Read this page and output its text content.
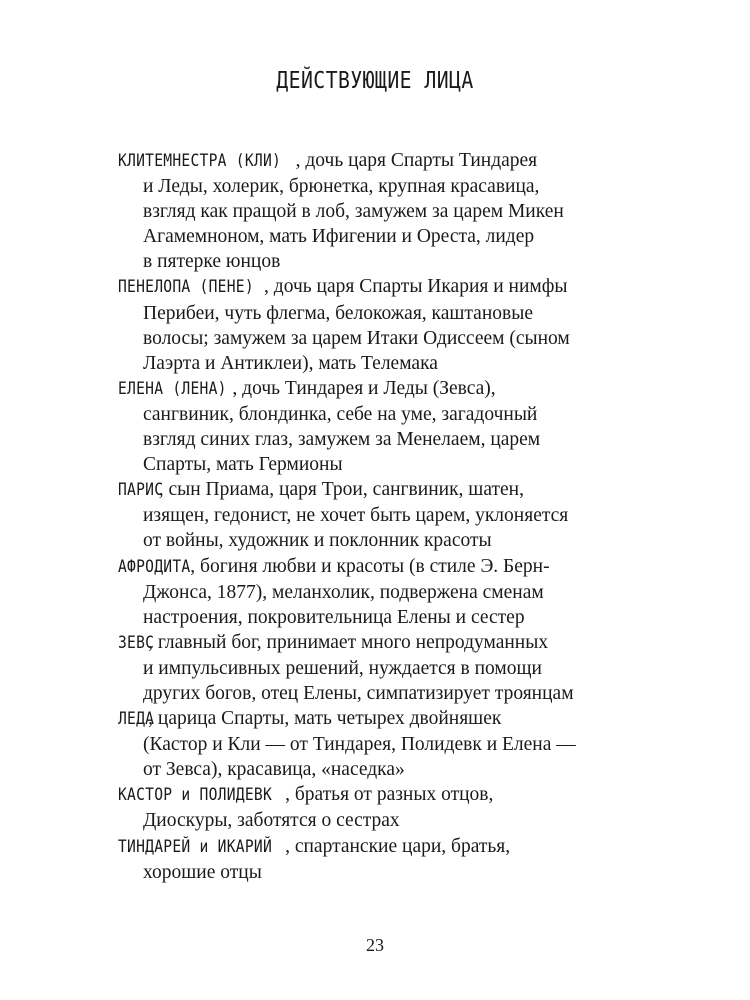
ДЕЙСТВУЮЩИЕ ЛИЦА
КЛИТЕМНЕСТРА (КЛИ) , дочь царя Спарты Тиндарея
и Леды, холерик, брюнетка, крупная красавица,
взгляд как пращой в лоб, замужем за царем Микен
Агамемноном, мать Ифигении и Ореста, лидер
в пятерке юнцов
ПЕНЕЛОПА (ПЕНЕ) , дочь царя Спарты Икария и нимфы
Перибеи, чуть флегма, белокожая, каштановые
волосы; замужем за царем Итаки Одиссеем (сыном
Лаэрта и Антиклеи), мать Телемака
ЕЛЕНА (ЛЕНА) , дочь Тиндарея и Леды (Зевса),
сангвиник, блондинка, себе на уме, загадочный
взгляд синих глаз, замужем за Менелаем, царем
Спарты, мать Гермионы
ПАРИС, сын Приама, царя Трои, сангвиник, шатен,
изящен, гедонист, не хочет быть царем, уклоняется
от войны, художник и поклонник красоты
АФРОДИТА, богиня любви и красоты (в стиле Э. Берн-
Джонса, 1877), меланхолик, подвержена сменам
настроения, покровительница Елены и сестер
ЗЕВС, главный бог, принимает много непродуманных
и импульсивных решений, нуждается в помощи
других богов, отец Елены, симпатизирует троянцам
ЛЕДА, царица Спарты, мать четырех двойняшек
(Кастор и Кли — от Тиндарея, Полидевк и Елена —
от Зевса), красавица, «наседка»
КАСТОР и ПОЛИДЕВК , братья от разных отцов,
Диоскуры, заботятся о сестрах
ТИНДАРЕЙ и ИКАРИЙ , спартанские цари, братья,
хорошие отцы
23
